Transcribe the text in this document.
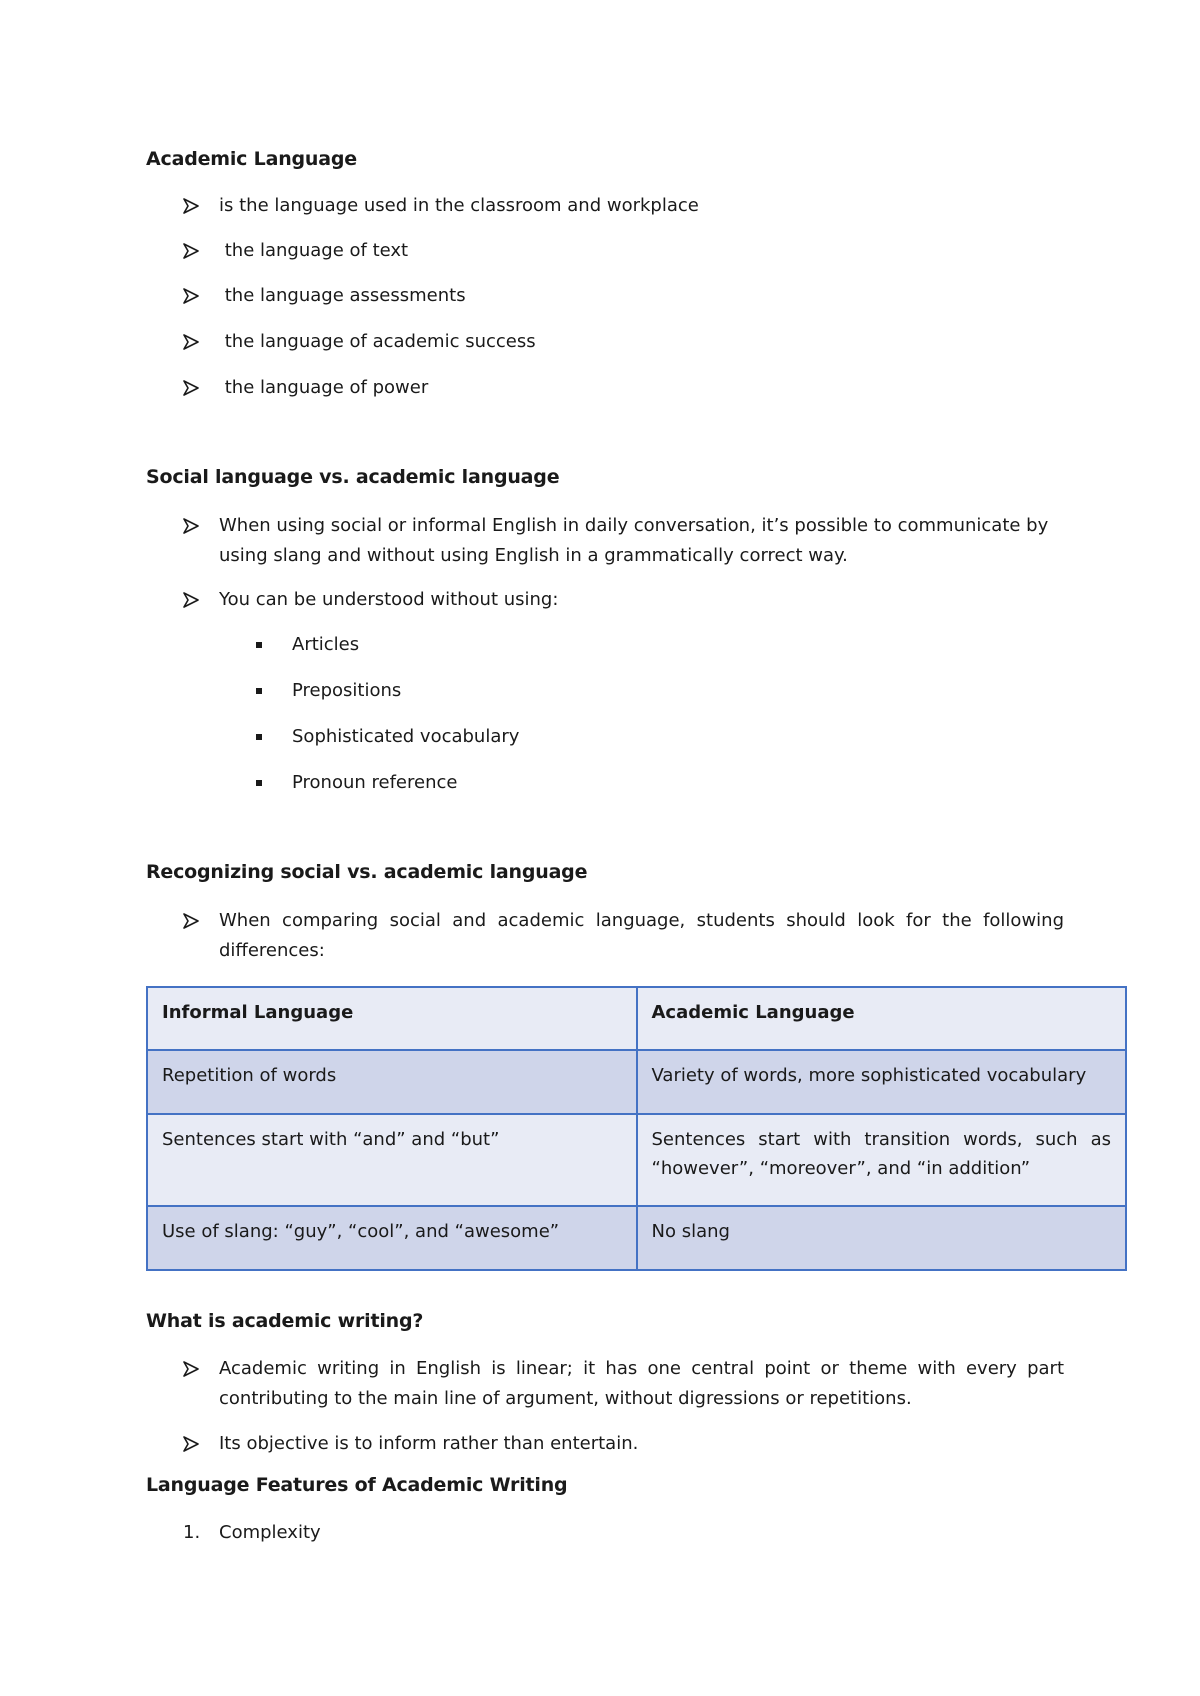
Academic Language
is the language used in the classroom and workplace
the language of text
the language assessments
the language of academic success
the language of power
Social language vs. academic language
When using social or informal English in daily conversation, it’s possible to communicate by using slang and without using English in a grammatically correct way.
You can be understood without using:
Articles
Prepositions
Sophisticated vocabulary
Pronoun reference
Recognizing social vs. academic language
When comparing social and academic language, students should look for the following differences:
Informal Language	Academic Language
Repetition of words	Variety of words, more sophisticated vocabulary
Sentences start with “and” and “but”	Sentences start with transition words, such as “however”, “moreover”, and “in addition”
Use of slang: “guy”, “cool”, and “awesome”	No slang
What is academic writing?
Academic writing in English is linear; it has one central point or theme with every part contributing to the main line of argument, without digressions or repetitions.
Its objective is to inform rather than entertain.
Language Features of Academic Writing
1. Complexity
